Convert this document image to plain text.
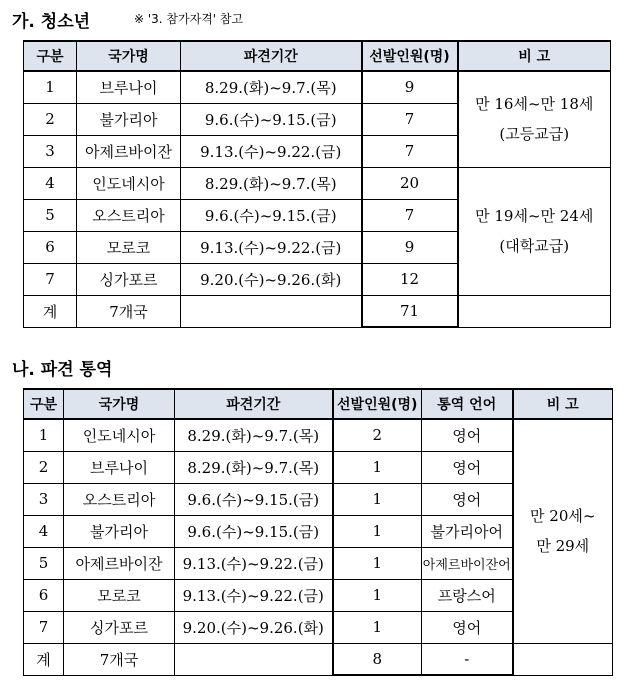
가. 청소년	※ '3. 참가자격' 참고
구분	국가명	파견기간	선발인원(명)	비 고
1	브루나이	8.29.(화)~9.7.(목)	9	만 16세~만 18세
(고등교급)

2	불가리아	9.6.(수)~9.15.(금)	7	
3	아제르바이잔	9.13.(수)~9.22.(금)	7	
4	인도네시아	8.29.(화)~9.7.(목)	20	만 19세~만 24세
(대학교급)

5	오스트리아	9.6.(수)~9.15.(금)	7	
6	모로코	9.13.(수)~9.22.(금)	9	
7	싱가포르	9.20.(수)~9.26.(화)	12	
계	7개국		71	
나. 파견 통역
구분	국가명	파견기간	선발인원(명)	통역 언어	비 고
1	인도네시아	8.29.(화)~9.7.(목)	2	영어	만 20세~
만 29세

2	브루나이	8.29.(화)~9.7.(목)	1	영어	
3	오스트리아	9.6.(수)~9.15.(금)	1	영어	
4	불가리아	9.6.(수)~9.15.(금)	1	불가리아어	
5	아제르바이잔	9.13.(수)~9.22.(금)	1	아제르바이잔어	
6	모로코	9.13.(수)~9.22.(금)	1	프랑스어	
7	싱가포르	9.20.(수)~9.26.(화)	1	영어	
계	7개국		8	-	
